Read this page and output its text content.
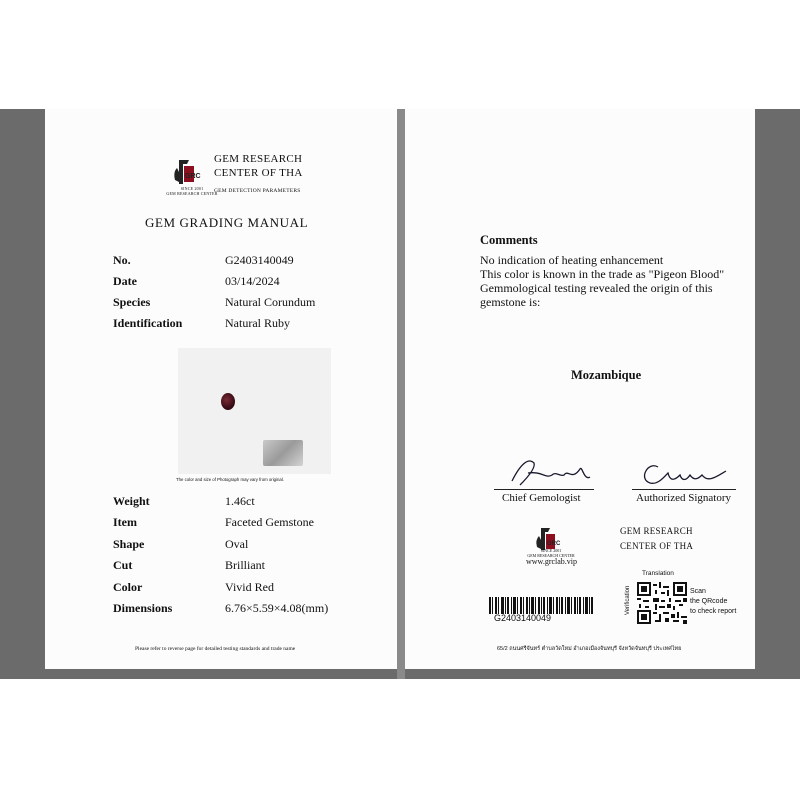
GRC
SINCE 2001
GEM RESEARCH CENTER
GEM RESEARCH
CENTER OF THA
GEM DETECTION PARAMETERS
GEM GRADING MANUAL
No.	G2403140049
Date	03/14/2024
Species	Natural Corundum
Identification	Natural Ruby
The color and size of Photograph may vary from original.
Weight	1.46ct
Item	Faceted Gemstone
Shape	Oval
Cut	Brilliant
Color	Vivid Red
Dimensions	6.76×5.59×4.08(mm)
Please refer to reverse page for detailed testing standards and trade name
Comments
No indication of heating enhancement
This color is known in the trade as "Pigeon Blood"
Gemmological testing revealed the origin of this
gemstone is:
Mozambique
Chief Gemologist	Authorized Signatory
GRC
SINCE 2001
GEM RESEARCH CENTER
www.grclab.vip
GEM RESEARCH
CENTER OF THA
G2403140049
Translation
Verification	Scan
the QRcode
to check report
65/2 ถนนศรีจันทร์ ตำบลวัดใหม่ อำเภอเมืองจันทบุรี จังหวัดจันทบุรี ประเทศไทย
